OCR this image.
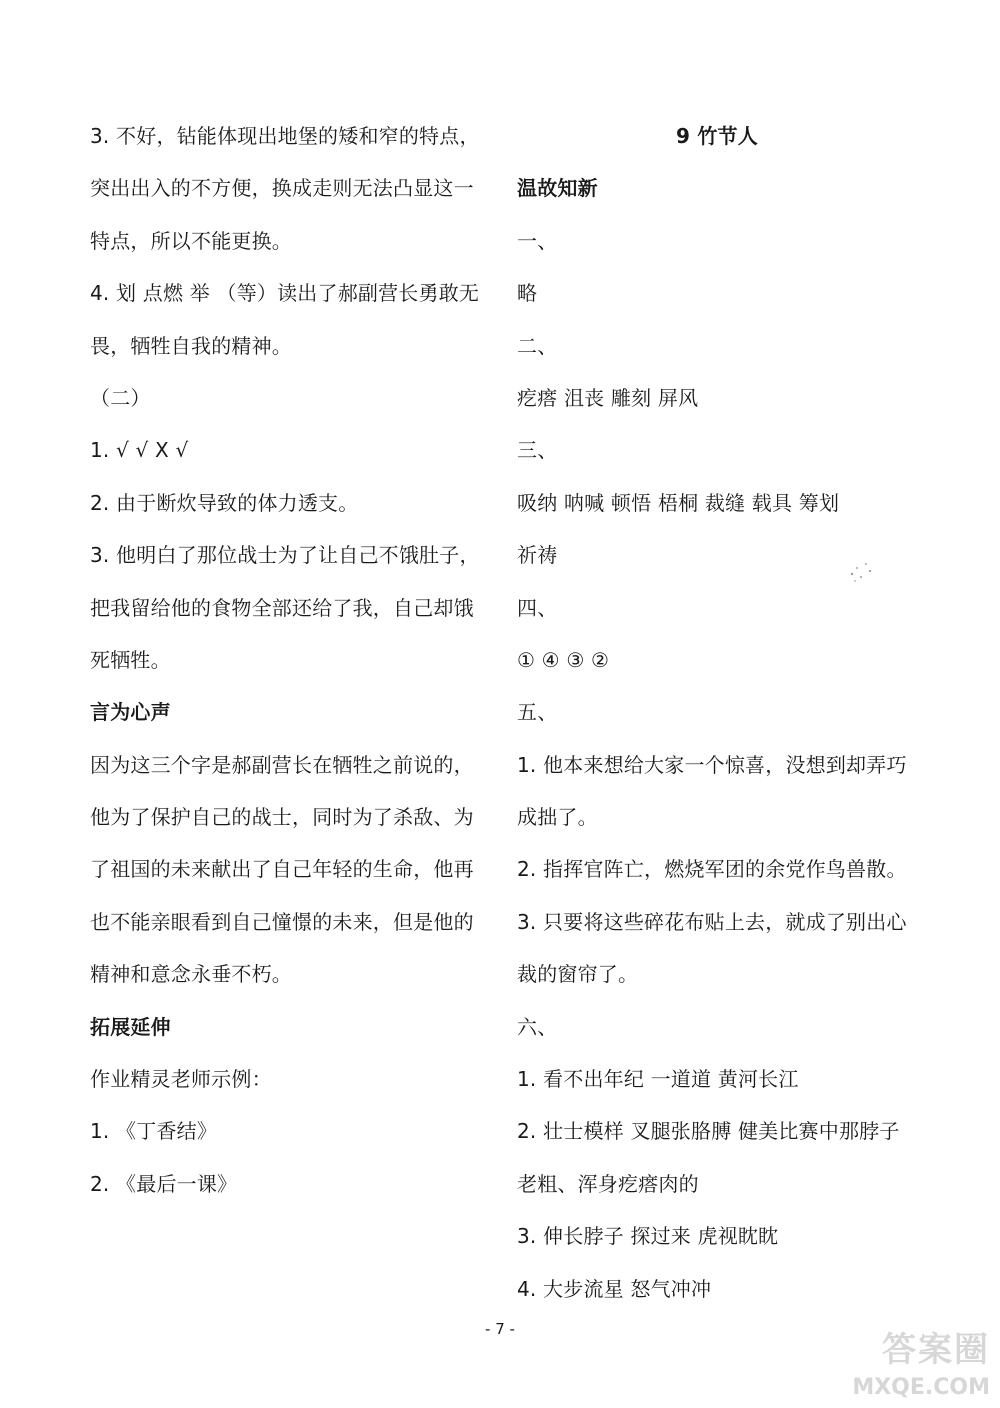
3. 不好，钻能体现出地堡的矮和窄的特点，
突出出入的不方便，换成走则无法凸显这一
特点，所以不能更换。
4. 划 点燃 举 （等）读出了郝副营长勇敢无
畏，牺牲自我的精神。
（二）
1. √ √ X √
2. 由于断炊导致的体力透支。
3. 他明白了那位战士为了让自己不饿肚子，
把我留给他的食物全部还给了我，自己却饿
死牺牲。
言为心声
因为这三个字是郝副营长在牺牲之前说的，
他为了保护自己的战士，同时为了杀敌、为
了祖国的未来献出了自己年轻的生命，他再
也不能亲眼看到自己憧憬的未来，但是他的
精神和意念永垂不朽。
拓展延伸
作业精灵老师示例：
1. 《丁香结》
2. 《最后一课》
9 竹节人
温故知新
一、
略
二、
疙瘩 沮丧 雕刻 屏风
三、
吸纳 呐喊 顿悟 梧桐 裁缝 载具 筹划
祈祷
四、
① ④ ③ ②
五、
1. 他本来想给大家一个惊喜，没想到却弄巧
成拙了。
2. 指挥官阵亡，燃烧军团的余党作鸟兽散。
3. 只要将这些碎花布贴上去，就成了别出心
裁的窗帘了。
六、
1. 看不出年纪 一道道 黄河长江
2. 壮士模样 叉腿张胳膊 健美比赛中那脖子
老粗、浑身疙瘩肉的
3. 伸长脖子 探过来 虎视眈眈
4. 大步流星 怒气冲冲
- 7 -
答案圈
MXQE.COM
